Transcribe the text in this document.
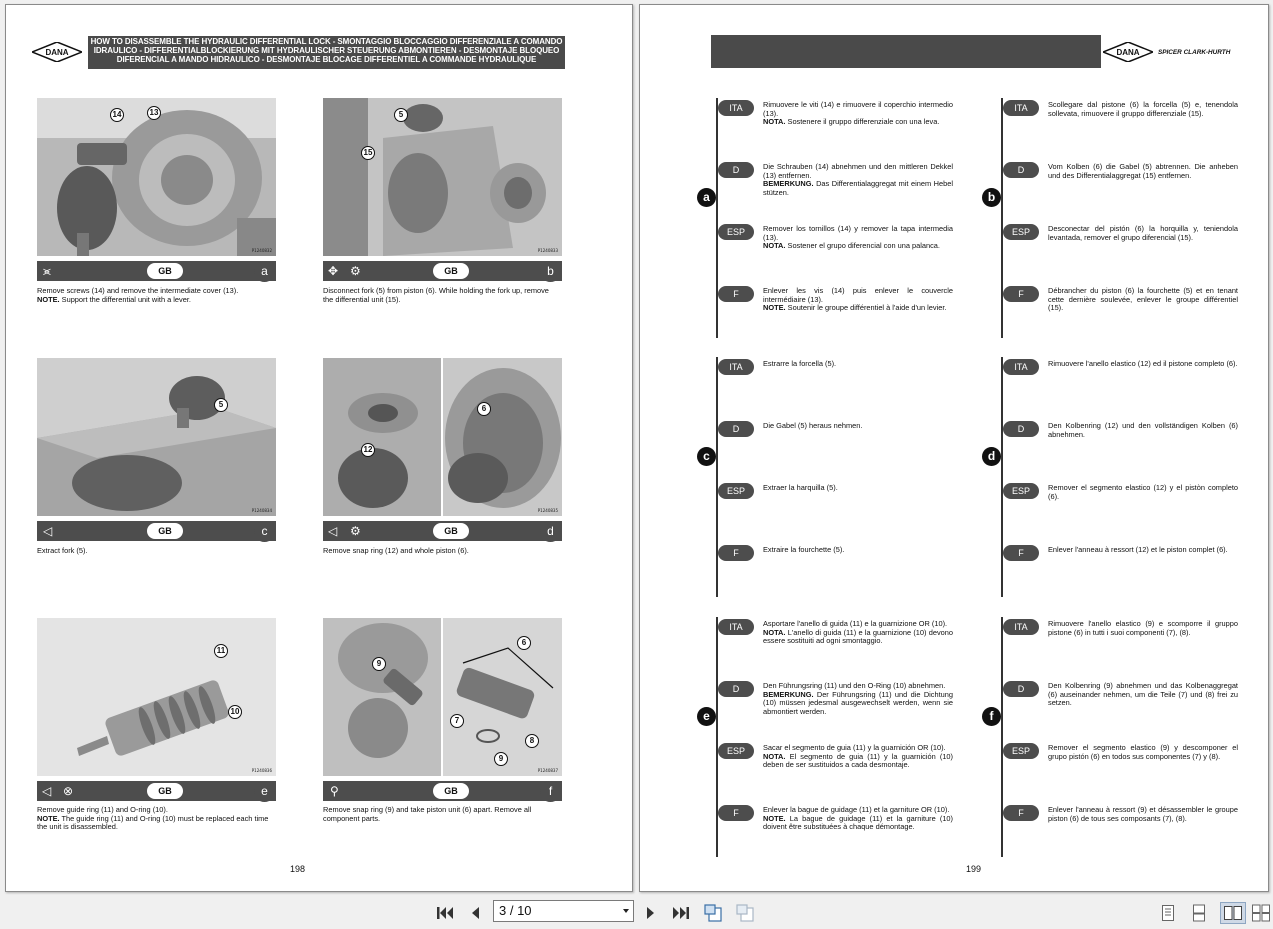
DANA
HOW TO DISASSEMBLE THE HYDRAULIC DIFFERENTIAL LOCK - SMONTAGGIO BLOCCAGGIO DIFFERENZIALE A COMANDO IDRAULICO - DIFFERENTIALBLOCKIERUNG MIT HYDRAULISCHER STEUERUNG ABMONTIEREN - DESMONTAJE BLOQUEO DIFERENCIAL A MANDO HIDRAULICO - DESMONTAJE BLOCAGE DIFFERENTIEL A COMMANDE HYDRAULIQUE
14	13
P1240832
⪤	GB	a
Remove screws (14) and remove the intermediate cover (13).
NOTE. Support the differential unit with a lever.
5
15
P1240833
✥ ⚙	GB	b
Disconnect fork (5) from piston (6). While holding the fork up, remove the differential unit (15).
5
P1240834
◁	GB	c
Extract fork (5).
12
6
P1240835
◁ ⚙	GB	d
Remove snap ring (12) and whole piston (6).
11
10
P1240836
◁ ⊗	GB	e
Remove guide ring (11) and O-ring (10).
NOTE. The guide ring (11) and O-ring (10) must be replaced each time the unit is disassembled.
9
6
7
8
9
P1240837
⚲	GB	f
Remove snap ring (9) and take piston unit (6) apart. Remove all component parts.
198
DANA	SPICER CLARK-HURTH
a
ITA	Rimuovere le viti (14) e rimuovere il coperchio intermedio (13).
NOTA. Sostenere il gruppo differenziale con una leva.
D	Die Schrauben (14) abnehmen und den mittleren Dekkel (13) entfernen.
BEMERKUNG. Das Differentialaggregat mit einem Hebel stützen.
ESP	Remover los tornillos (14) y remover la tapa intermedia (13).
NOTA. Sostener el grupo diferencial con una palanca.
F	Enlever les vis (14) puis enlever le couvercle intermédiaire (13).
NOTE. Soutenir le groupe différentiel à l'aide d'un levier.
b
ITA	Scollegare dal pistone (6) la forcella (5) e, tenendola sollevata, rimuovere il gruppo differenziale (15).
D	Vom Kolben (6) die Gabel (5) abtrennen. Die anheben und des Differentialaggregat (15) entfernen.
ESP	Desconectar del pistón (6) la horquilla y, teniendola levantada, remover el grupo diferencial (15).
F	Débrancher du piston (6) la fourchette (5) et en tenant cette dernière soulevée, enlever le groupe différentiel (15).
c
ITA	Estrarre la forcella (5).
D	Die Gabel (5) heraus nehmen.
ESP	Extraer la harquilla (5).
F	Extraire la fourchette (5).
d
ITA	Rimuovere l'anello elastico (12) ed il pistone completo (6).
D	Den Kolbenring (12) und den vollständigen Kolben (6) abnehmen.
ESP	Remover el segmento elastico (12) y el pistòn completo (6).
F	Enlever l'anneau à ressort (12) et le piston complet (6).
e
ITA	Asportare l'anello di guida (11) e la guarnizione OR (10).
NOTA. L'anello di guida (11) e la guarnizione (10) devono essere sostituiti ad ogni smontaggio.
D	Den Führungsring (11) und den O-Ring (10) abnehmen.
BEMERKUNG. Der Führungsring (11) und die Dichtung (10) müssen jedesmal ausgewechselt werden, wenn sie abmontiert werden.
ESP	Sacar el segmento de guia (11) y la guarnición OR (10).
NOTA. El segmento de guia (11) y la guarnición (10) deben de ser sustituidos a cada desmontaje.
F	Enlever la bague de guidage (11) et la garniture OR (10).
NOTE. La bague de guidage (11) et la garniture (10) doivent être substituées à chaque démontage.
f
ITA	Rimuovere l'anello elastico (9) e scomporre il gruppo pistone (6) in tutti i suoi componenti (7), (8).
D	Den Kolbenring (9) abnehmen und das Kolbenaggregat (6) auseinander nehmen, um die Teile (7) und (8) frei zu setzen.
ESP	Remover el segmento elastico (9) y descomponer el grupo pistón (6) en todos sus componentes (7) y (8).
F	Enlever l'anneau à ressort (9) et désassembler le groupe piston (6) de tous ses composants (7), (8).
199
3 / 10
